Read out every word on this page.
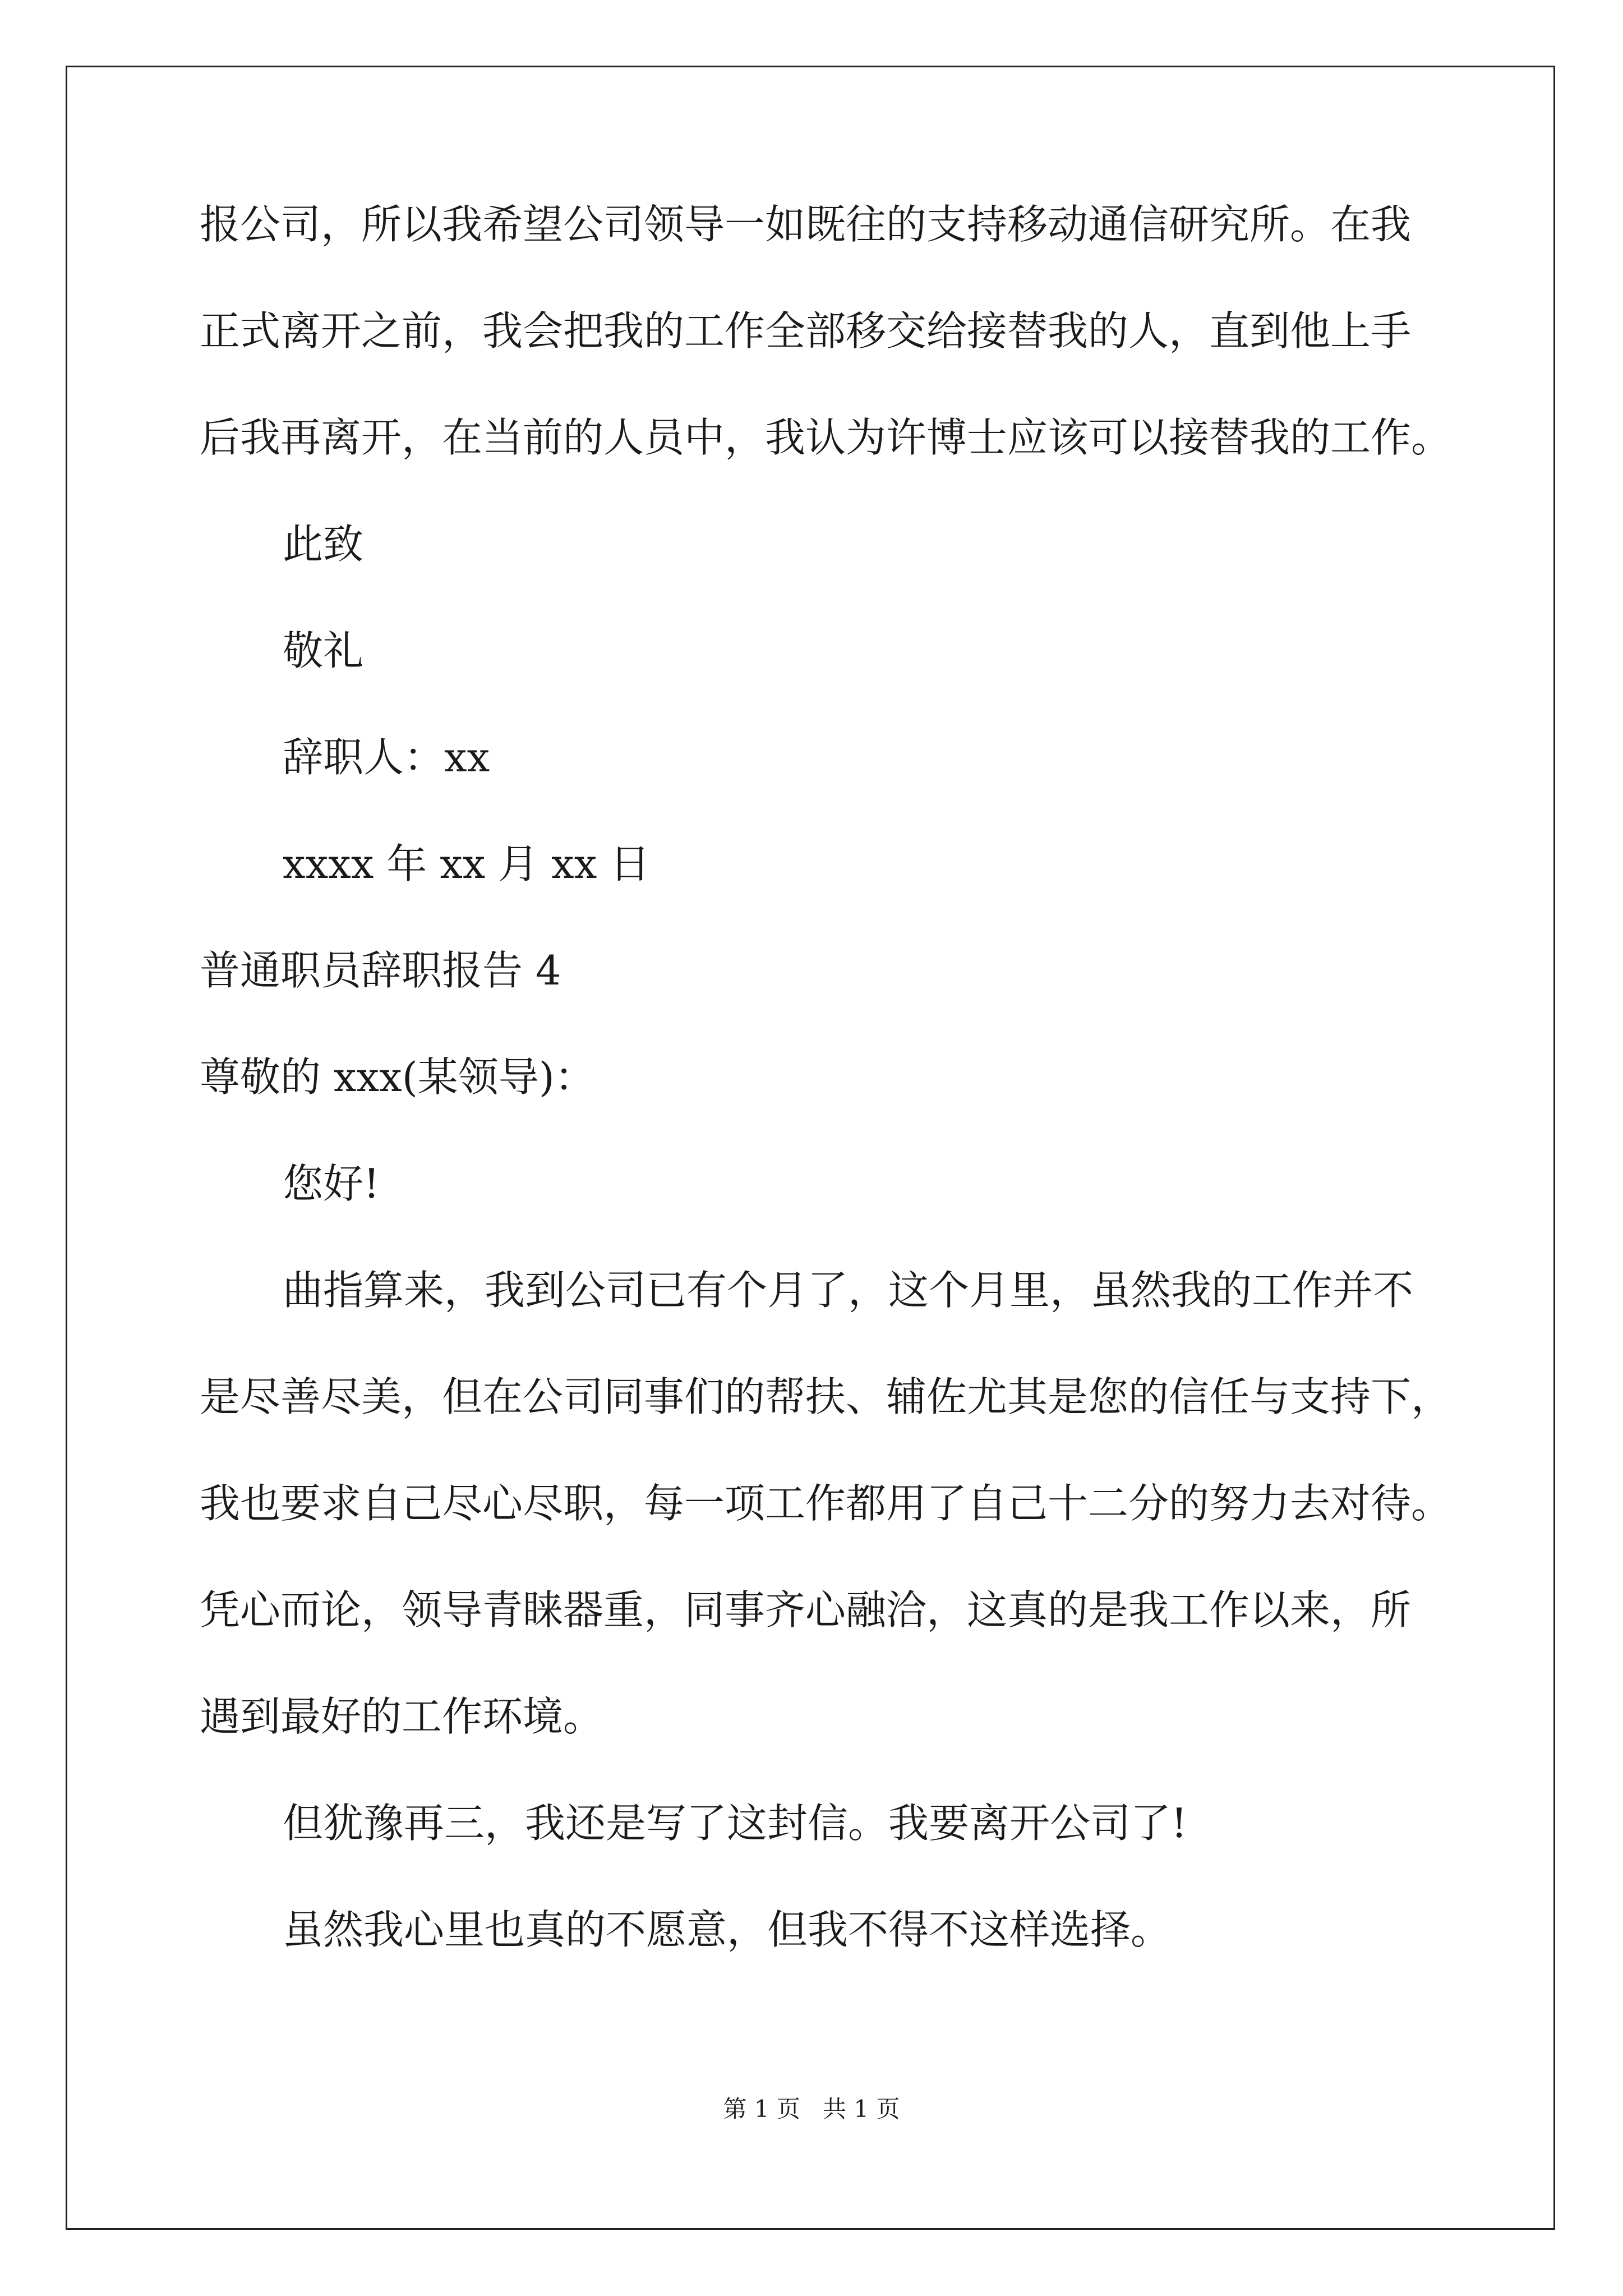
报公司，所以我希望公司领导一如既往的支持移动通信研究所。在我
正式离开之前，我会把我的工作全部移交给接替我的人，直到他上手
后我再离开，在当前的人员中，我认为许博士应该可以接替我的工作。
此致
敬礼
辞职人：xx
xxxx 年 xx 月 xx 日
普通职员辞职报告 4
尊敬的 xxx(某领导)：
您好!
曲指算来，我到公司已有个月了，这个月里，虽然我的工作并不
是尽善尽美，但在公司同事们的帮扶、辅佐尤其是您的信任与支持下，
我也要求自己尽心尽职，每一项工作都用了自己十二分的努力去对待。
凭心而论，领导青睐器重，同事齐心融洽，这真的是我工作以来，所
遇到最好的工作环境。
但犹豫再三，我还是写了这封信。我要离开公司了!
虽然我心里也真的不愿意，但我不得不这样选择。
第 1 页   共 1 页
